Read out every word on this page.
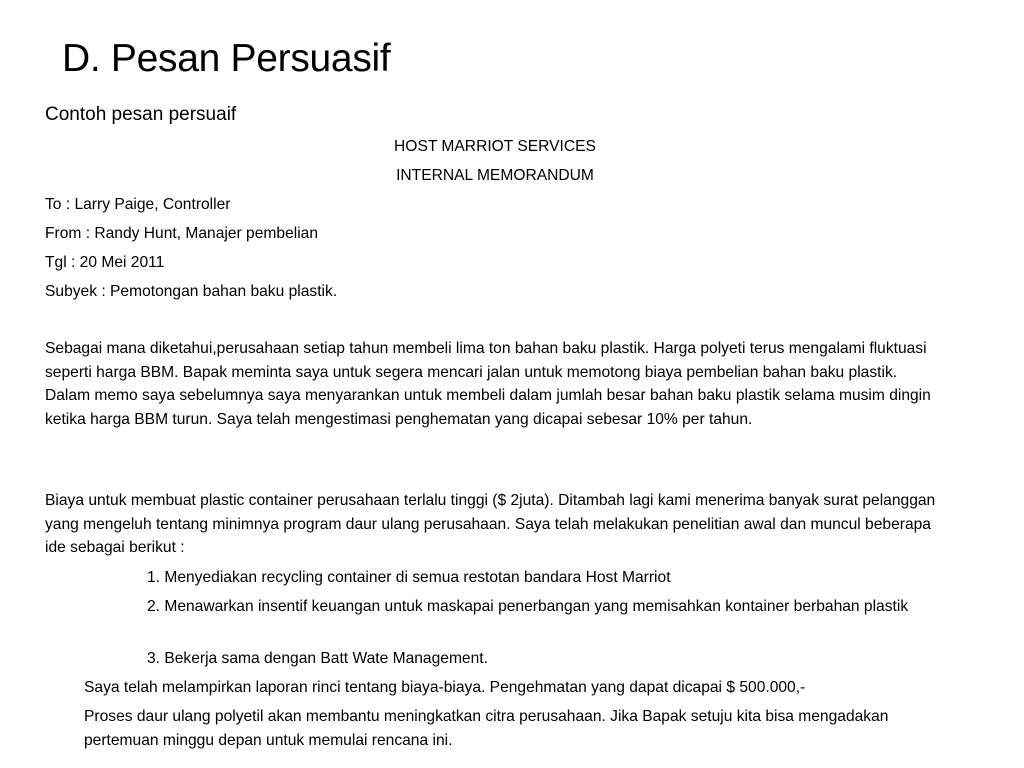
D. Pesan Persuasif
Contoh pesan persuaif
HOST MARRIOT SERVICES
INTERNAL MEMORANDUM
To : Larry Paige, Controller
From : Randy Hunt, Manajer pembelian
Tgl : 20 Mei 2011
Subyek : Pemotongan bahan baku plastik.
Sebagai mana diketahui,perusahaan setiap tahun membeli lima ton bahan baku plastik. Harga polyeti terus mengalami fluktuasi seperti harga BBM. Bapak meminta saya untuk segera mencari jalan untuk memotong biaya pembelian bahan baku plastik. Dalam memo saya sebelumnya saya menyarankan untuk membeli dalam jumlah besar bahan baku plastik selama musim dingin ketika harga BBM turun. Saya telah mengestimasi penghematan yang dicapai sebesar 10% per tahun.
Biaya untuk membuat plastic container perusahaan terlalu tinggi ($ 2juta). Ditambah lagi kami menerima banyak surat pelanggan yang mengeluh tentang minimnya program daur ulang perusahaan. Saya telah melakukan penelitian awal dan muncul beberapa ide sebagai berikut :
1. Menyediakan recycling container di semua restotan bandara Host Marriot
2. Menawarkan insentif keuangan untuk maskapai penerbangan yang memisahkan kontainer berbahan plastik
3. Bekerja sama dengan Batt Wate Management.
Saya telah melampirkan laporan rinci tentang biaya-biaya. Pengehmatan yang dapat dicapai $ 500.000,-
Proses daur ulang polyetil akan membantu meningkatkan citra perusahaan. Jika Bapak setuju kita bisa mengadakan pertemuan minggu depan untuk memulai rencana ini.
